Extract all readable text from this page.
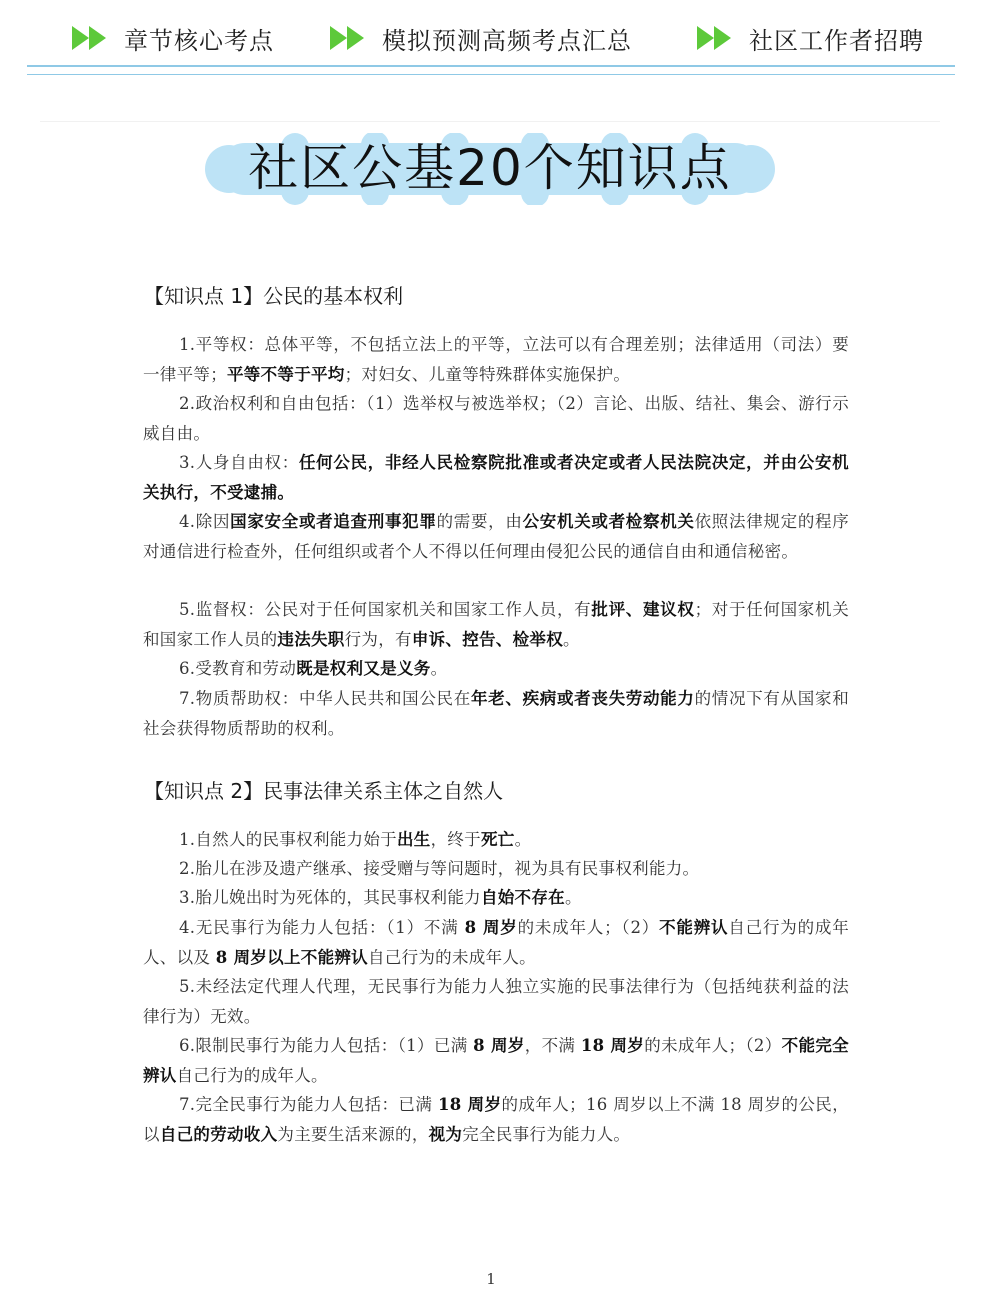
章节核心考点	模拟预测高频考点汇总	社区工作者招聘
社区公基20个知识点
【知识点 1】公民的基本权利
1.平等权：总体平等，不包括立法上的平等，立法可以有合理差别；法律适用（司法）要一律平等；平等不等于平均；对妇女、儿童等特殊群体实施保护。
2.政治权利和自由包括：（1）选举权与被选举权；（2）言论、出版、结社、集会、游行示威自由。
3.人身自由权：任何公民，非经人民检察院批准或者决定或者人民法院决定，并由公安机关执行，不受逮捕。
4.除因国家安全或者追查刑事犯罪的需要，由公安机关或者检察机关依照法律规定的程序对通信进行检查外，任何组织或者个人不得以任何理由侵犯公民的通信自由和通信秘密。
5.监督权：公民对于任何国家机关和国家工作人员，有批评、建议权；对于任何国家机关和国家工作人员的违法失职行为，有申诉、控告、检举权。
6.受教育和劳动既是权利又是义务。
7.物质帮助权：中华人民共和国公民在年老、疾病或者丧失劳动能力的情况下有从国家和社会获得物质帮助的权利。
【知识点 2】民事法律关系主体之自然人
1.自然人的民事权利能力始于出生，终于死亡。
2.胎儿在涉及遗产继承、接受赠与等问题时，视为具有民事权利能力。
3.胎儿娩出时为死体的，其民事权利能力自始不存在。
4.无民事行为能力人包括：（1）不满 8 周岁的未成年人；（2）不能辨认自己行为的成年人、以及 8 周岁以上不能辨认自己行为的未成年人。
5.未经法定代理人代理，无民事行为能力人独立实施的民事法律行为（包括纯获利益的法律行为）无效。
6.限制民事行为能力人包括：（1）已满 8 周岁，不满 18 周岁的未成年人；（2）不能完全辨认自己行为的成年人。
7.完全民事行为能力人包括：已满 18 周岁的成年人；16 周岁以上不满 18 周岁的公民，以自己的劳动收入为主要生活来源的，视为完全民事行为能力人。
1
